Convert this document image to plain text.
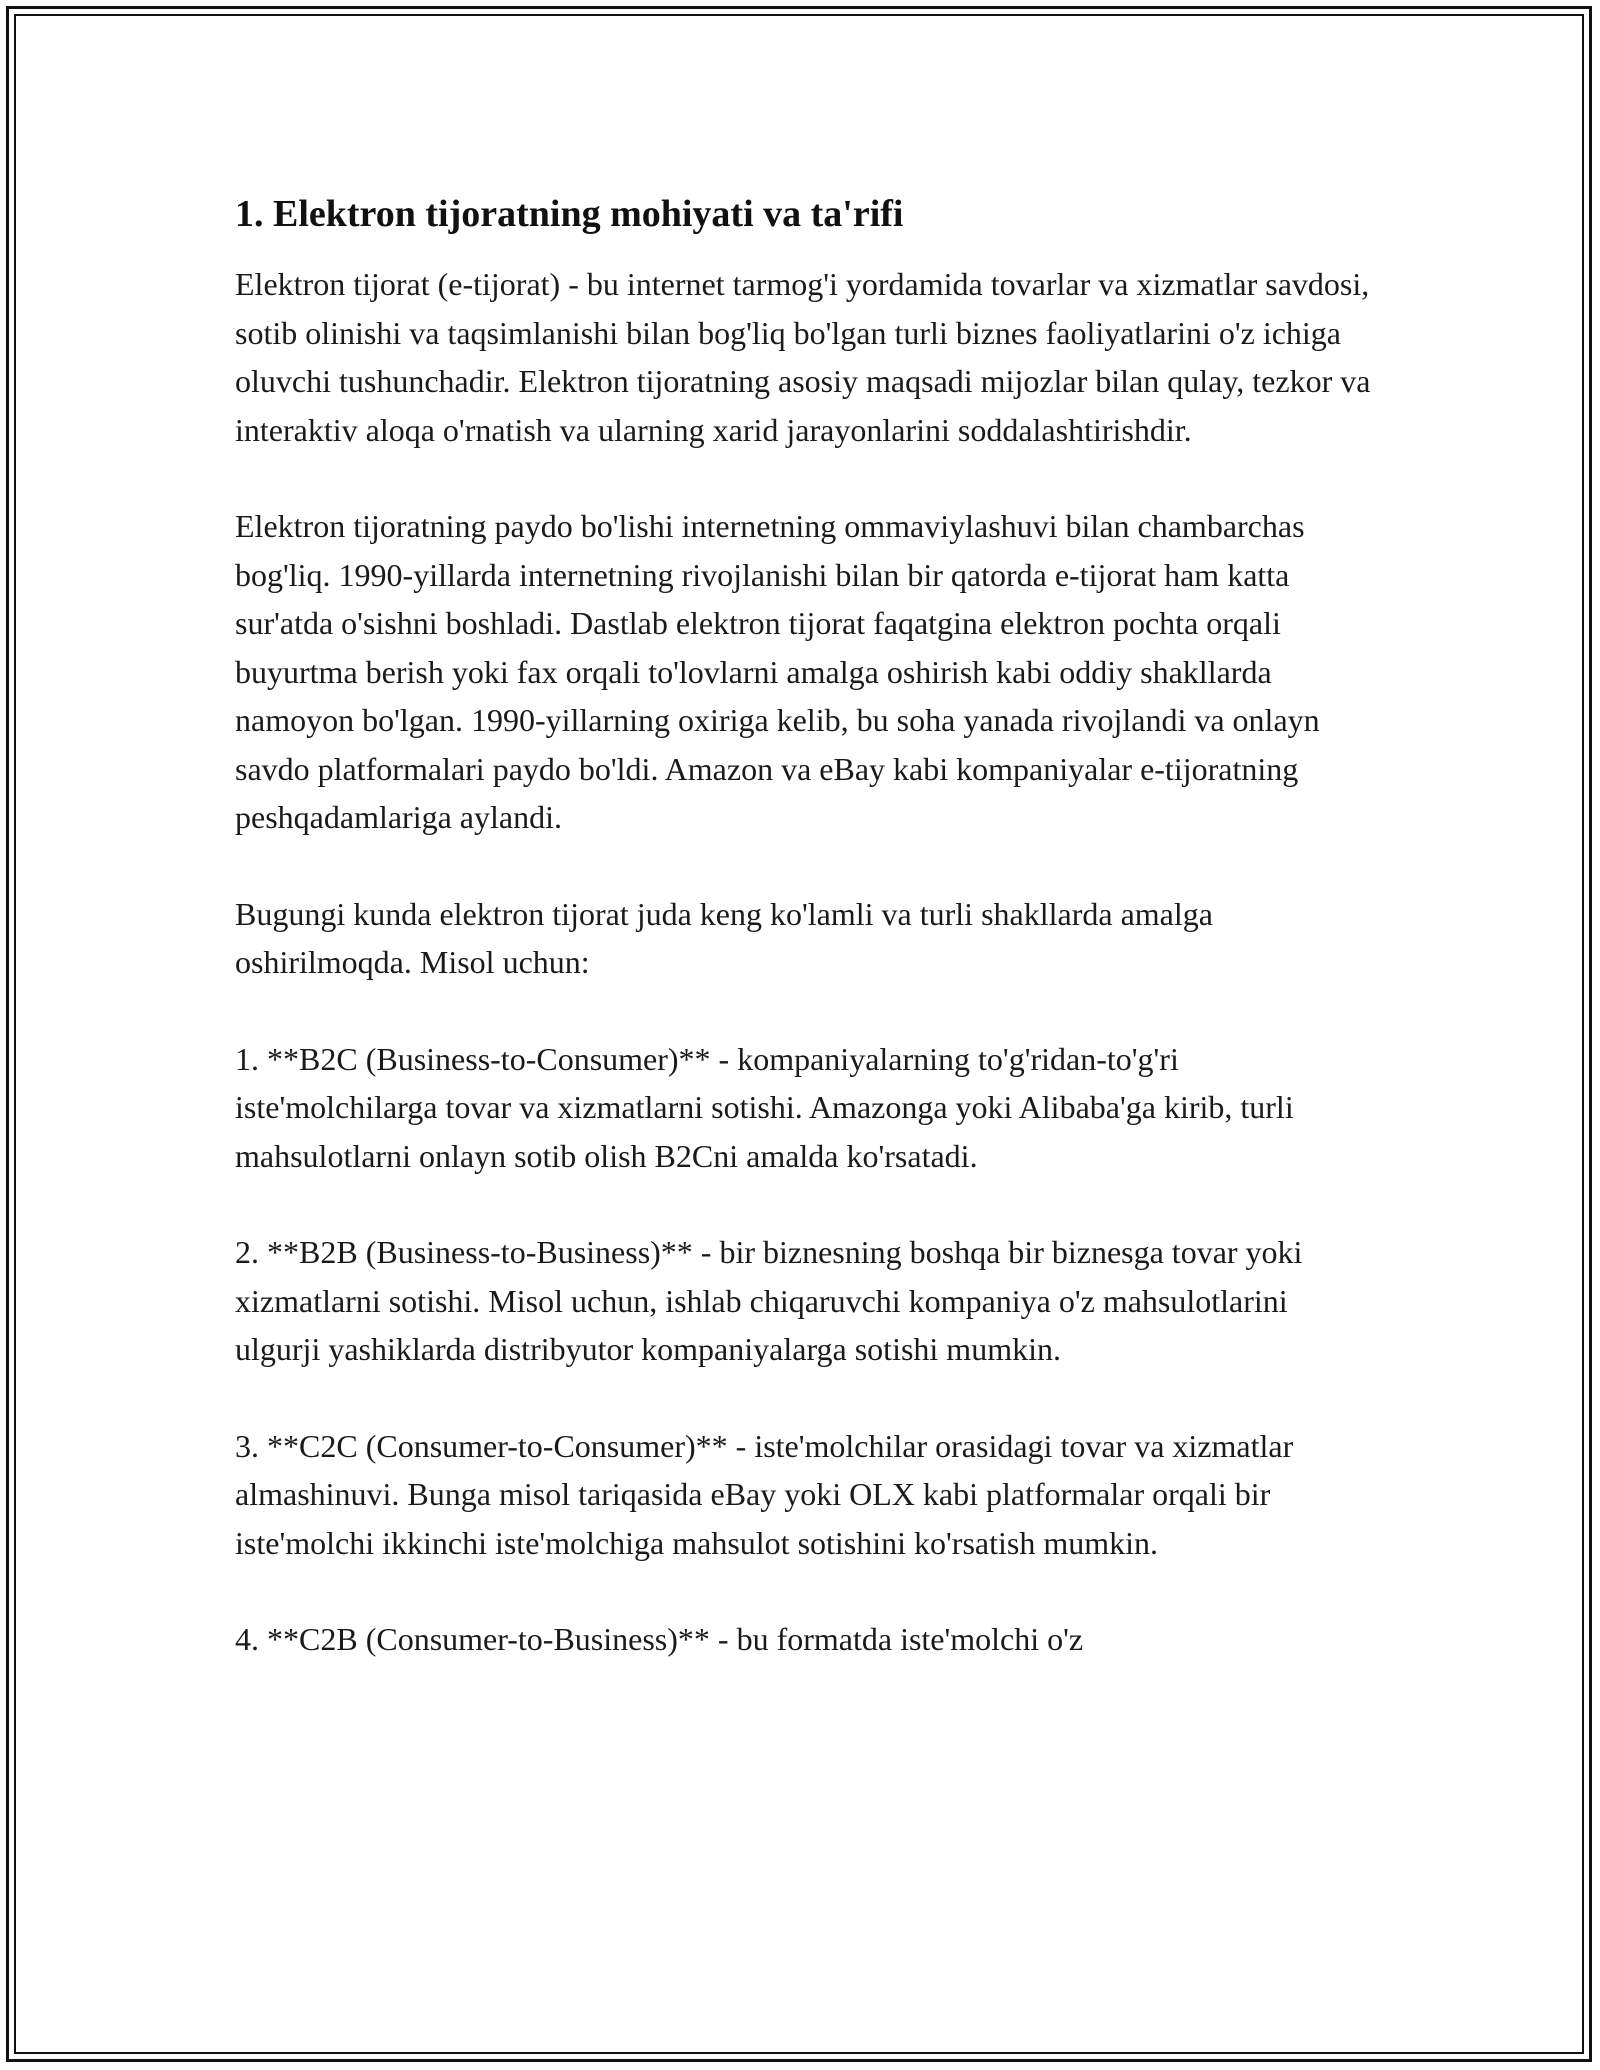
1. Elektron tijoratning mohiyati va ta'rifi

Elektron tijorat (e-tijorat) - bu internet tarmog'i yordamida tovarlar va xizmatlar savdosi, sotib olinishi va taqsimlanishi bilan bog'liq bo'lgan turli biznes faoliyatlarini o'z ichiga oluvchi tushunchadir. Elektron tijoratning asosiy maqsadi mijozlar bilan qulay, tezkor va interaktiv aloqa o'rnatish va ularning xarid jarayonlarini soddalashtirishdir.

Elektron tijoratning paydo bo'lishi internetning ommaviylashuvi bilan chambarchas bog'liq. 1990-yillarda internetning rivojlanishi bilan bir qatorda e-tijorat ham katta sur'atda o'sishni boshladi. Dastlab elektron tijorat faqatgina elektron pochta orqali buyurtma berish yoki fax orqali to'lovlarni amalga oshirish kabi oddiy shakllarda namoyon bo'lgan. 1990-yillarning oxiriga kelib, bu soha yanada rivojlandi va onlayn savdo platformalari paydo bo'ldi. Amazon va eBay kabi kompaniyalar e-tijoratning peshqadamlariga aylandi.

Bugungi kunda elektron tijorat juda keng ko'lamli va turli shakllarda amalga oshirilmoqda. Misol uchun:

1. **B2C (Business-to-Consumer)** - kompaniyalarning to'g'ridan-to'g'ri iste'molchilarga tovar va xizmatlarni sotishi. Amazonga yoki Alibaba'ga kirib, turli mahsulotlarni onlayn sotib olish B2Cni amalda ko'rsatadi.

2. **B2B (Business-to-Business)** - bir biznesning boshqa bir biznesga tovar yoki xizmatlarni sotishi. Misol uchun, ishlab chiqaruvchi kompaniya o'z mahsulotlarini ulgurji yashiklarda distribyutor kompaniyalarga sotishi mumkin.

3. **C2C (Consumer-to-Consumer)** - iste'molchilar orasidagi tovar va xizmatlar almashinuvi. Bunga misol tariqasida eBay yoki OLX kabi platformalar orqali bir iste'molchi ikkinchi iste'molchiga mahsulot sotishini ko'rsatish mumkin.

4. **C2B (Consumer-to-Business)** - bu formatda iste'molchi o'z
